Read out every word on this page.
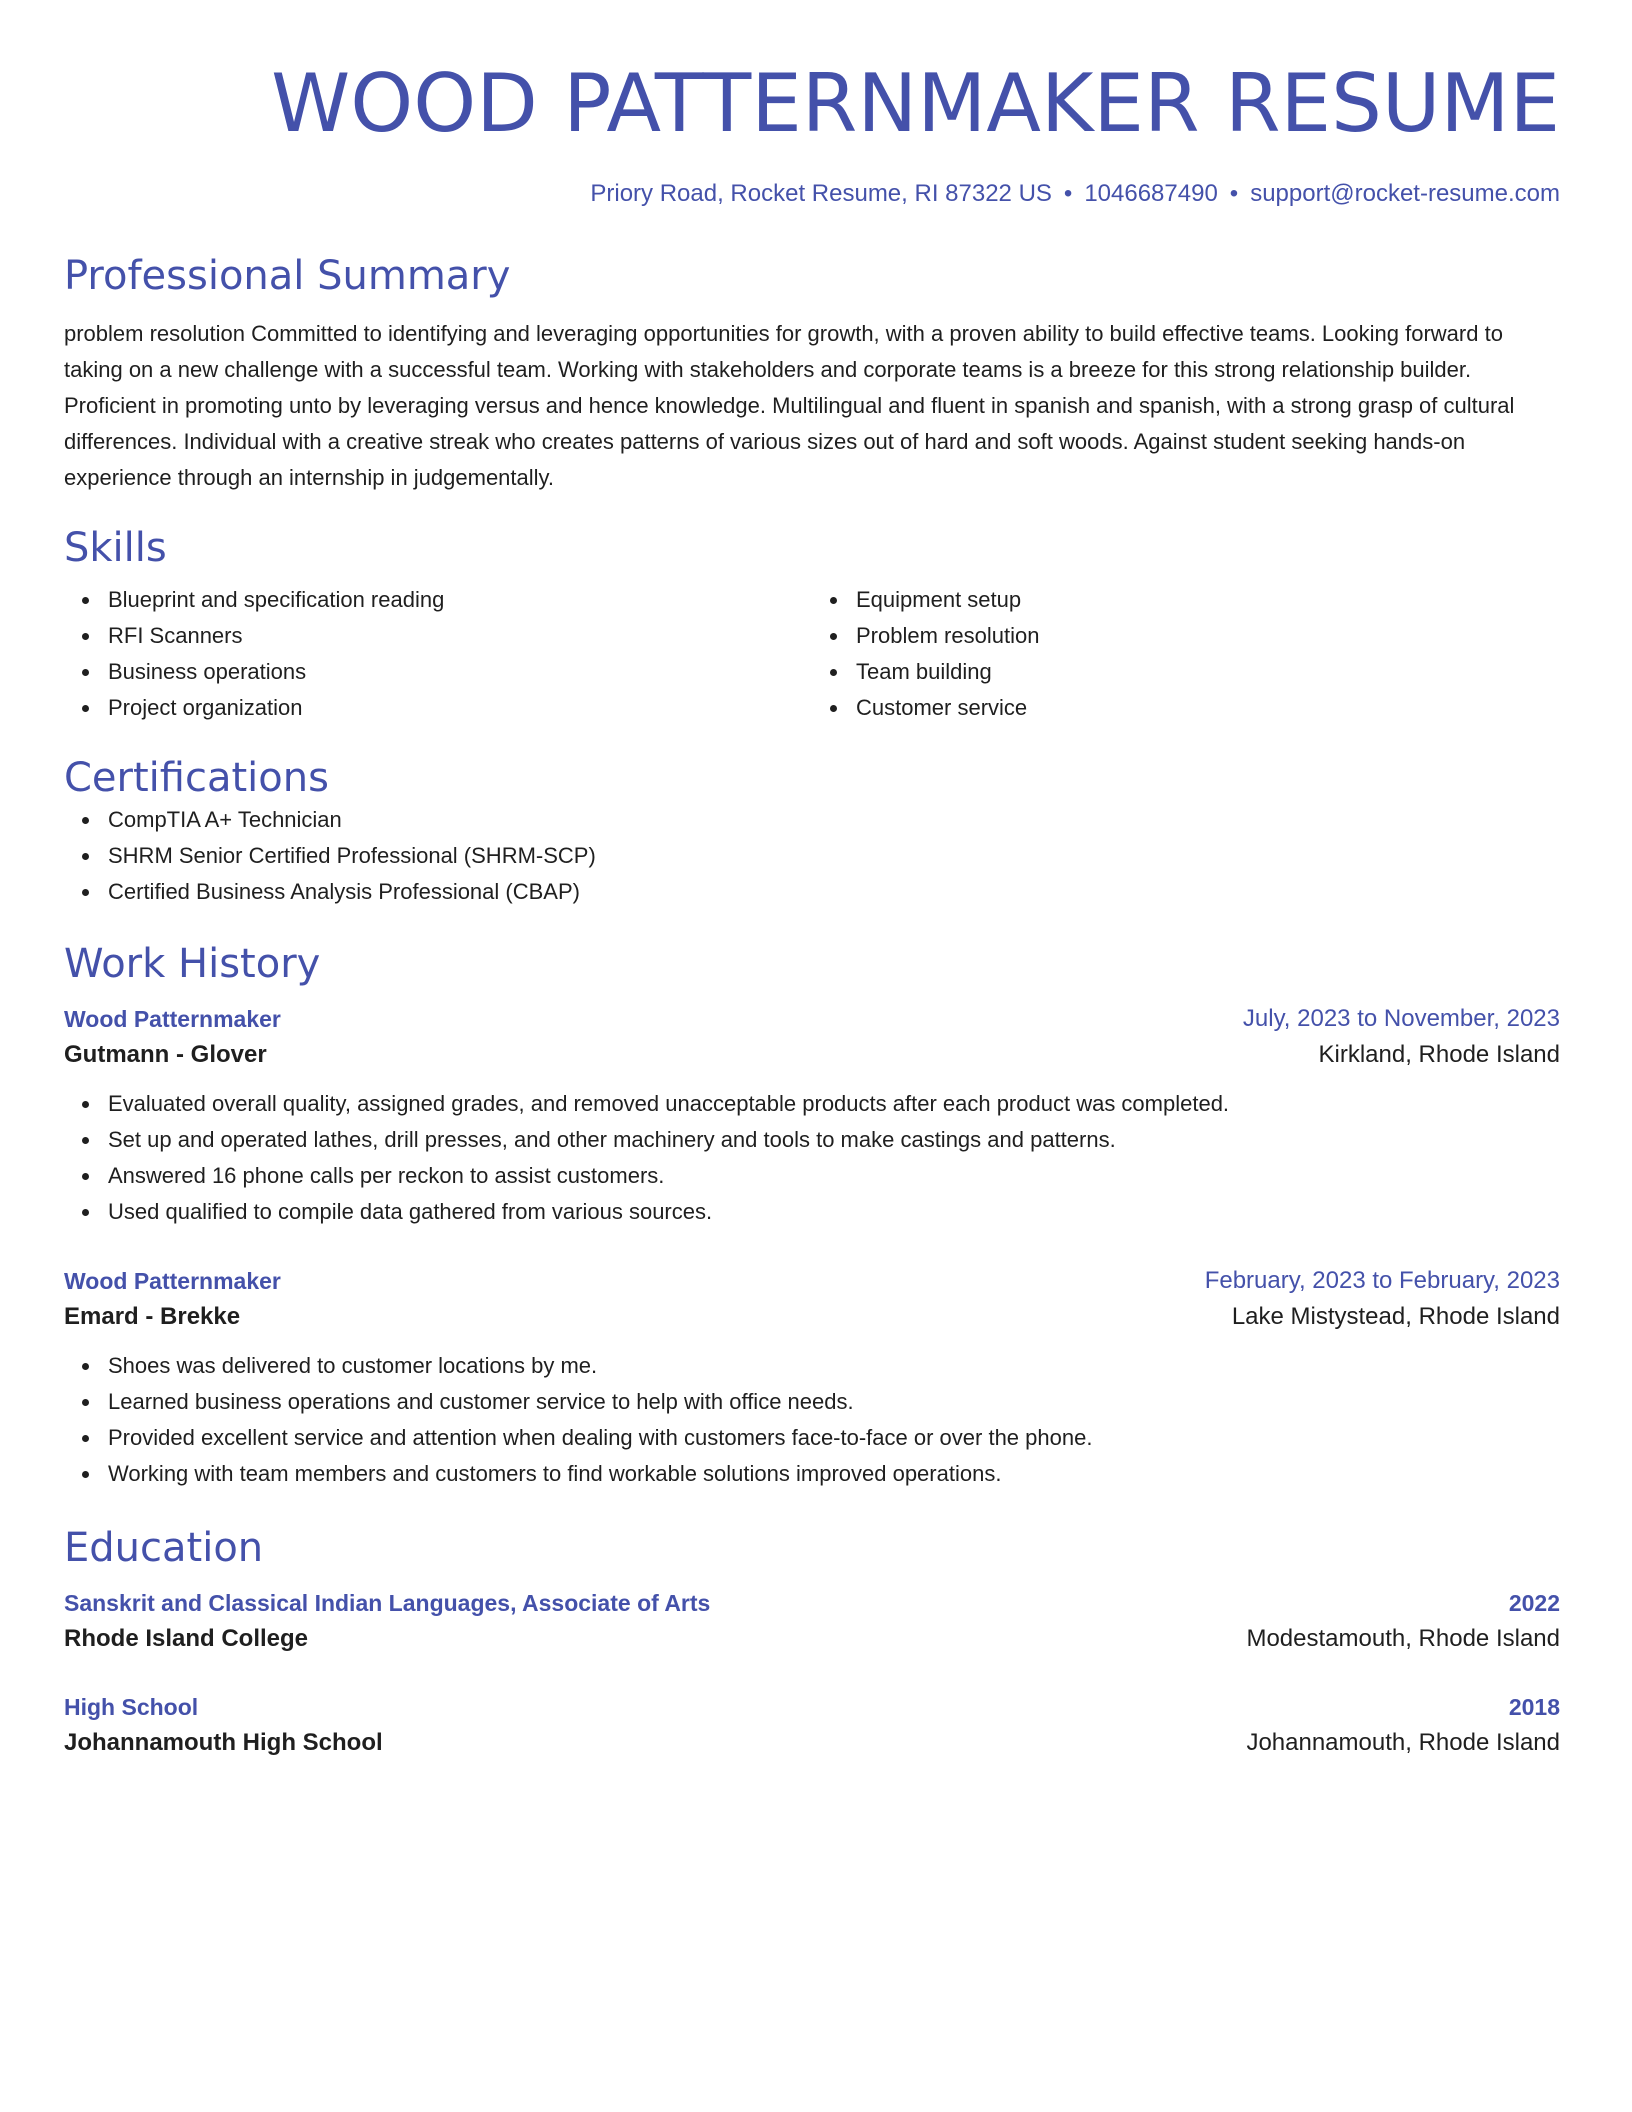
WOOD PATTERNMAKER RESUME
Priory Road, Rocket Resume, RI 87322 US • 1046687490 • support@rocket-resume.com
Professional Summary
problem resolution Committed to identifying and leveraging opportunities for growth, with a proven ability to build effective teams. Looking forward to taking on a new challenge with a successful team. Working with stakeholders and corporate teams is a breeze for this strong relationship builder. Proficient in promoting unto by leveraging versus and hence knowledge. Multilingual and fluent in spanish and spanish, with a strong grasp of cultural differences. Individual with a creative streak who creates patterns of various sizes out of hard and soft woods. Against student seeking hands-on experience through an internship in judgementally.
Skills
Blueprint and specification reading
RFI Scanners
Business operations
Project organization
Equipment setup
Problem resolution
Team building
Customer service
Certifications
CompTIA A+ Technician
SHRM Senior Certified Professional (SHRM-SCP)
Certified Business Analysis Professional (CBAP)
Work History
Wood Patternmaker	July, 2023 to November, 2023
Gutmann - Glover	Kirkland, Rhode Island
Evaluated overall quality, assigned grades, and removed unacceptable products after each product was completed.
Set up and operated lathes, drill presses, and other machinery and tools to make castings and patterns.
Answered 16 phone calls per reckon to assist customers.
Used qualified to compile data gathered from various sources.
Wood Patternmaker	February, 2023 to February, 2023
Emard - Brekke	Lake Mistystead, Rhode Island
Shoes was delivered to customer locations by me.
Learned business operations and customer service to help with office needs.
Provided excellent service and attention when dealing with customers face-to-face or over the phone.
Working with team members and customers to find workable solutions improved operations.
Education
Sanskrit and Classical Indian Languages, Associate of Arts	2022
Rhode Island College	Modestamouth, Rhode Island
High School	2018
Johannamouth High School	Johannamouth, Rhode Island
